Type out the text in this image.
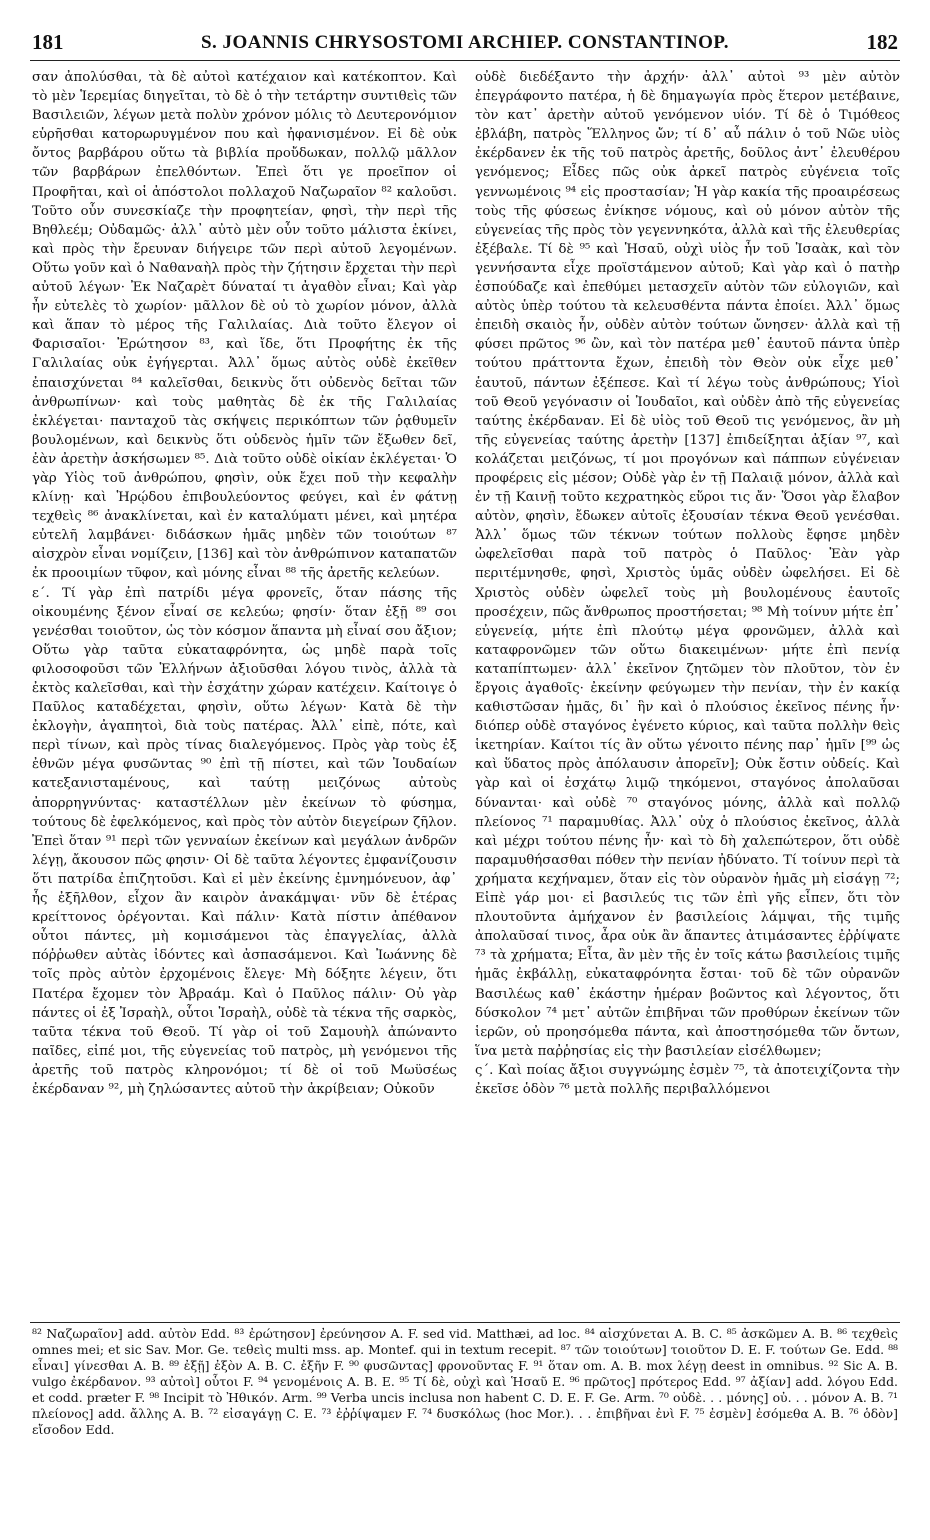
181	S. JOANNIS CHRYSOSTOMI ARCHIEP. CONSTANTINOP.	182

σαν ἀπολύσθαι, τὰ δὲ αὐτοὶ κατέχαιον καὶ κατέκοπτον. Καὶ τὸ μὲν Ἱερεμίας διηγεῖται, τὸ δὲ ὁ τὴν τετάρτην συντιθεὶς τῶν Βασιλειῶν, λέγων μετὰ πολὺν χρόνον μόλις τὸ Δευτερονόμιον εὑρῆσθαι κατορωρυγμένον που καὶ ἠφανισμένον. Εἰ δὲ οὐκ ὄντος βαρβάρου οὕτω τὰ βιβλία προὔδωκαν, πολλῷ μᾶλλον τῶν βαρβάρων ἐπελθόντων. Ἐπεὶ ὅτι γε προεῖπον οἱ Προφῆται, καὶ οἱ ἀπόστολοι πολλαχοῦ Ναζωραῖον ⁸² καλοῦσι. Τοῦτο οὖν συνεσκίαζε τὴν προφητείαν, φησὶ, τὴν περὶ τῆς Βηθλεέμ; Οὐδαμῶς· ἀλλ᾽ αὐτὸ μὲν οὖν τοῦτο μάλιστα ἐκίνει, καὶ πρὸς τὴν ἔρευναν διήγειρε τῶν περὶ αὐτοῦ λεγομένων. Οὕτω γοῦν καὶ ὁ Ναθαναὴλ πρὸς τὴν ζήτησιν ἔρχεται τὴν περὶ αὐτοῦ λέγων· Ἐκ Ναζαρὲτ δύναταί τι ἀγαθὸν εἶναι; Καὶ γὰρ ἦν εὐτελὲς τὸ χωρίον· μᾶλλον δὲ οὐ τὸ χωρίον μόνον, ἀλλὰ καὶ ἅπαν τὸ μέρος τῆς Γαλιλαίας. Διὰ τοῦτο ἔλεγον οἱ Φαρισαῖοι· Ἐρώτησον ⁸³, καὶ ἴδε, ὅτι Προφήτης ἐκ τῆς Γαλιλαίας οὐκ ἐγήγερται. Ἀλλ᾽ ὅμως αὐτὸς οὐδὲ ἐκεῖθεν ἐπαισχύνεται ⁸⁴ καλεῖσθαι, δεικνὺς ὅτι οὐδενὸς δεῖται τῶν ἀνθρωπίνων· καὶ τοὺς μαθητὰς δὲ ἐκ τῆς Γαλιλαίας ἐκλέγεται· πανταχοῦ τὰς σκήψεις περικόπτων τῶν ῥᾳθυμεῖν βουλομένων, καὶ δεικνὺς ὅτι οὐδενὸς ἡμῖν τῶν ἔξωθεν δεῖ, ἐὰν ἀρετὴν ἀσκήσωμεν ⁸⁵. Διὰ τοῦτο οὐδὲ οἰκίαν ἐκλέγεται· Ὁ γὰρ Υἱὸς τοῦ ἀνθρώπου, φησὶν, οὐκ ἔχει ποῦ τὴν κεφαλὴν κλίνῃ· καὶ Ἡρῴδου ἐπιβουλεύοντος φεύγει, καὶ ἐν φάτνῃ τεχθεὶς ⁸⁶ ἀνακλίνεται, καὶ ἐν καταλύματι μένει, καὶ μητέρα εὐτελῆ λαμβάνει· διδάσκων ἡμᾶς μηδὲν τῶν τοιούτων ⁸⁷ αἰσχρὸν εἶναι νομίζειν, [136] καὶ τὸν ἀνθρώπινον καταπατῶν ἐκ προοιμίων τῦφον, καὶ μόνης εἶναι ⁸⁸ τῆς ἀρετῆς κελεύων.

ε΄. Τί γὰρ ἐπὶ πατρίδι μέγα φρονεῖς, ὅταν πάσης τῆς οἰκουμένης ξένον εἶναί σε κελεύω; φησίν· ὅταν ἐξῇ ⁸⁹ σοι γενέσθαι τοιοῦτον, ὡς τὸν κόσμον ἅπαντα μὴ εἶναί σου ἄξιον; Οὕτω γὰρ ταῦτα εὐκαταφρόνητα, ὡς μηδὲ παρὰ τοῖς φιλοσοφοῦσι τῶν Ἑλλήνων ἀξιοῦσθαι λόγου τινὸς, ἀλλὰ τὰ ἐκτὸς καλεῖσθαι, καὶ τὴν ἐσχάτην χώραν κατέχειν. Καίτοιγε ὁ Παῦλος καταδέχεται, φησὶν, οὕτω λέγων· Κατὰ δὲ τὴν ἐκλογὴν, ἀγαπητοὶ, διὰ τοὺς πατέρας. Ἀλλ᾽ εἰπὲ, πότε, καὶ περὶ τίνων, καὶ πρὸς τίνας διαλεγόμενος. Πρὸς γὰρ τοὺς ἐξ ἐθνῶν μέγα φυσῶντας ⁹⁰ ἐπὶ τῇ πίστει, καὶ τῶν Ἰουδαίων κατεξανισταμένους, καὶ ταύτῃ μειζόνως αὐτοὺς ἀπορρηγνύντας· καταστέλλων μὲν ἐκείνων τὸ φύσημα, τούτους δὲ ἐφελκόμενος, καὶ πρὸς τὸν αὐτὸν διεγείρων ζῆλον. Ἐπεὶ ὅταν ⁹¹ περὶ τῶν γενναίων ἐκείνων καὶ μεγάλων ἀνδρῶν λέγῃ, ἄκουσον πῶς φησιν· Οἱ δὲ ταῦτα λέγοντες ἐμφανίζουσιν ὅτι πατρίδα ἐπιζητοῦσι. Καὶ εἰ μὲν ἐκείνης ἐμνημόνευον, ἀφ᾽ ἧς ἐξῆλθον, εἶχον ἂν καιρὸν ἀνακάμψαι· νῦν δὲ ἑτέρας κρείττονος ὀρέγονται. Καὶ πάλιν· Κατὰ πίστιν ἀπέθανον οὗτοι πάντες, μὴ κομισάμενοι τὰς ἐπαγγελίας, ἀλλὰ πόῤῥωθεν αὐτὰς ἰδόντες καὶ ἀσπασάμενοι. Καὶ Ἰωάννης δὲ τοῖς πρὸς αὐτὸν ἐρχομένοις ἔλεγε· Μὴ δόξητε λέγειν, ὅτι Πατέρα ἔχομεν τὸν Ἀβραάμ. Καὶ ὁ Παῦλος πάλιν· Οὐ γὰρ πάντες οἱ ἐξ Ἰσραὴλ, οὗτοι Ἰσραὴλ, οὐδὲ τὰ τέκνα τῆς σαρκὸς, ταῦτα τέκνα τοῦ Θεοῦ. Τί γὰρ οἱ τοῦ Σαμουὴλ ἀπώναντο παῖδες, εἰπέ μοι, τῆς εὐγενείας τοῦ πατρὸς, μὴ γενόμενοι τῆς ἀρετῆς τοῦ πατρὸς κληρονόμοι; τί δὲ οἱ τοῦ Μωϋσέως ἐκέρδαναν ⁹², μὴ ζηλώσαντες αὐτοῦ τὴν ἀκρίβειαν; Οὐκοῦν

οὐδὲ διεδέξαντο τὴν ἀρχήν· ἀλλ᾽ αὐτοὶ ⁹³ μὲν αὐτὸν ἐπεγράφοντο πατέρα, ἡ δὲ δημαγωγία πρὸς ἕτερον μετέβαινε, τὸν κατ᾽ ἀρετὴν αὐτοῦ γενόμενον υἱόν. Τί δὲ ὁ Τιμόθεος ἐβλάβη, πατρὸς Ἕλληνος ὤν; τί δ᾽ αὖ πάλιν ὁ τοῦ Νῶε υἱὸς ἐκέρδανεν ἐκ τῆς τοῦ πατρὸς ἀρετῆς, δοῦλος ἀντ᾽ ἐλευθέρου γενόμενος; Εἶδες πῶς οὐκ ἀρκεῖ πατρὸς εὐγένεια τοῖς γεννωμένοις ⁹⁴ εἰς προστασίαν; Ἡ γὰρ κακία τῆς προαιρέσεως τοὺς τῆς φύσεως ἐνίκησε νόμους, καὶ οὐ μόνον αὐτὸν τῆς εὐγενείας τῆς πρὸς τὸν γεγεννηκότα, ἀλλὰ καὶ τῆς ἐλευθερίας ἐξέβαλε. Τί δὲ ⁹⁵ καὶ Ἡσαῦ, οὐχὶ υἱὸς ἦν τοῦ Ἰσαὰκ, καὶ τὸν γεννήσαντα εἶχε προϊστάμενον αὐτοῦ; Καὶ γὰρ καὶ ὁ πατὴρ ἐσπούδαζε καὶ ἐπεθύμει μετασχεῖν αὐτὸν τῶν εὐλογιῶν, καὶ αὐτὸς ὑπὲρ τούτου τὰ κελευσθέντα πάντα ἐποίει. Ἀλλ᾽ ὅμως ἐπειδὴ σκαιὸς ἦν, οὐδὲν αὐτὸν τούτων ὤνησεν· ἀλλὰ καὶ τῇ φύσει πρῶτος ⁹⁶ ὢν, καὶ τὸν πατέρα μεθ᾽ ἑαυτοῦ πάντα ὑπὲρ τούτου πράττοντα ἔχων, ἐπειδὴ τὸν Θεὸν οὐκ εἶχε μεθ᾽ ἑαυτοῦ, πάντων ἐξέπεσε. Καὶ τί λέγω τοὺς ἀνθρώπους; Υἱοὶ τοῦ Θεοῦ γεγόνασιν οἱ Ἰουδαῖοι, καὶ οὐδὲν ἀπὸ τῆς εὐγενείας ταύτης ἐκέρδαναν. Εἰ δὲ υἱὸς τοῦ Θεοῦ τις γενόμενος, ἂν μὴ τῆς εὐγενείας ταύτης ἀρετὴν [137] ἐπιδείξηται ἀξίαν ⁹⁷, καὶ κολάζεται μειζόνως, τί μοι προγόνων καὶ πάππων εὐγένειαν προφέρεις εἰς μέσον; Οὐδὲ γὰρ ἐν τῇ Παλαιᾷ μόνον, ἀλλὰ καὶ ἐν τῇ Καινῇ τοῦτο κεχρατηκὸς εὕροι τις ἄν· Ὅσοι γὰρ ἔλαβον αὐτὸν, φησὶν, ἔδωκεν αὐτοῖς ἐξουσίαν τέκνα Θεοῦ γενέσθαι. Ἀλλ᾽ ὅμως τῶν τέκνων τούτων πολλοὺς ἔφησε μηδὲν ὠφελεῖσθαι παρὰ τοῦ πατρὸς ὁ Παῦλος· Ἐὰν γὰρ περιτέμνησθε, φησὶ, Χριστὸς ὑμᾶς οὐδὲν ὠφελήσει. Εἰ δὲ Χριστὸς οὐδὲν ὠφελεῖ τοὺς μὴ βουλομένους ἑαυτοῖς προσέχειν, πῶς ἄνθρωπος προστήσεται; ⁹⁸ Μὴ τοίνυν μήτε ἐπ᾽ εὐγενείᾳ, μήτε ἐπὶ πλούτῳ μέγα φρονῶμεν, ἀλλὰ καὶ καταφρονῶμεν τῶν οὕτω διακειμένων· μήτε ἐπὶ πενίᾳ καταπίπτωμεν· ἀλλ᾽ ἐκεῖνον ζητῶμεν τὸν πλοῦτον, τὸν ἐν ἔργοις ἀγαθοῖς· ἐκείνην φεύγωμεν τὴν πενίαν, τὴν ἐν κακίᾳ καθιστῶσαν ἡμᾶς, δι᾽ ἣν καὶ ὁ πλούσιος ἐκεῖνος πένης ἦν· διόπερ οὐδὲ σταγόνος ἐγένετο κύριος, καὶ ταῦτα πολλὴν θεὶς ἱκετηρίαν. Καίτοι τίς ἂν οὕτω γένοιτο πένης παρ᾽ ἡμῖν [⁹⁹ ὡς καὶ ὕδατος πρὸς ἀπόλαυσιν ἀπορεῖν]; Οὐκ ἔστιν οὐδείς. Καὶ γὰρ καὶ οἱ ἐσχάτῳ λιμῷ τηκόμενοι, σταγόνος ἀπολαῦσαι δύνανται· καὶ οὐδὲ ⁷⁰ σταγόνος μόνης, ἀλλὰ καὶ πολλῷ πλείονος ⁷¹ παραμυθίας. Ἀλλ᾽ οὐχ ὁ πλούσιος ἐκεῖνος, ἀλλὰ καὶ μέχρι τούτου πένης ἦν· καὶ τὸ δὴ χαλεπώτερον, ὅτι οὐδὲ παραμυθήσασθαι πόθεν τὴν πενίαν ἠδύνατο. Τί τοίνυν περὶ τὰ χρήματα κεχήναμεν, ὅταν εἰς τὸν οὐρανὸν ἡμᾶς μὴ εἰσάγῃ ⁷²; Εἰπὲ γάρ μοι· εἰ βασιλεύς τις τῶν ἐπὶ γῆς εἶπεν, ὅτι τὸν πλουτοῦντα ἀμήχανον ἐν βασιλείοις λάμψαι, τῆς τιμῆς ἀπολαῦσαί τινος, ἆρα οὐκ ἂν ἅπαντες ἀτιμάσαντες ἐῤῥίψατε ⁷³ τὰ χρήματα; Εἶτα, ἂν μὲν τῆς ἐν τοῖς κάτω βασιλείοις τιμῆς ἡμᾶς ἐκβάλλῃ, εὐκαταφρόνητα ἔσται· τοῦ δὲ τῶν οὐρανῶν Βασιλέως καθ᾽ ἑκάστην ἡμέραν βοῶντος καὶ λέγοντος, ὅτι δύσκολον ⁷⁴ μετ᾽ αὐτῶν ἐπιβῆναι τῶν προθύρων ἐκείνων τῶν ἱερῶν, οὐ προησόμεθα πάντα, καὶ ἀποστησόμεθα τῶν ὄντων, ἵνα μετὰ παῤῥησίας εἰς τὴν βασιλείαν εἰσέλθωμεν;

ς΄. Καὶ ποίας ἄξιοι συγγνώμης ἐσμὲν ⁷⁵, τὰ ἀποτειχίζοντα τὴν ἐκεῖσε ὁδὸν ⁷⁶ μετὰ πολλῆς περιβαλλόμενοι

⁸² Ναζωραῖον] add. αὐτὸν Edd. ⁸³ ἐρώτησον] ἐρεύνησον A. F. sed vid. Matthæi, ad loc. ⁸⁴ αἰσχύνεται A. B. C. ⁸⁵ ἀσκῶμεν A. B. ⁸⁶ τεχθεὶς omnes mei; et sic Sav. Mor. Ge. τεθεὶς multi mss. ap. Montef. qui in textum recepit. ⁸⁷ τῶν τοιούτων] τοιοῦτον D. E. F. τούτων Ge. Edd. ⁸⁸ εἶναι] γίνεσθαι A. B. ⁸⁹ ἐξῇ] ἐξὸν A. B. C. ἐξῆν F. ⁹⁰ φυσῶντας] φρονοῦντας F. ⁹¹ ὅταν om. A. B. mox λέγῃ deest in omnibus. ⁹² Sic A. B. vulgo ἐκέρδανον. ⁹³ αὐτοὶ] οὗτοι F. ⁹⁴ γενομένοις A. B. E. ⁹⁵ Τί δὲ, οὐχὶ καὶ Ἡσαῦ E. ⁹⁶ πρῶτος] πρότερος Edd. ⁹⁷ ἀξίαν] add. λόγου Edd. et codd. præter F. ⁹⁸ Incipit τὸ Ἠθικόν. Arm. ⁹⁹ Verba uncis inclusa non habent C. D. E. F. Ge. Arm. ⁷⁰ οὐδὲ. . . μόνης] οὐ. . . μόνον A. B. ⁷¹ πλείονος] add. ἄλλης A. B. ⁷² εἰσαγάγῃ C. E. ⁷³ ἐῤῥίψαμεν F. ⁷⁴ δυσκόλως (hoc Mor.). . . ἐπιβῆναι ἐνὶ F. ⁷⁵ ἐσμὲν] ἐσόμεθα A. B. ⁷⁶ ὁδὸν] εἴσοδον Edd.
